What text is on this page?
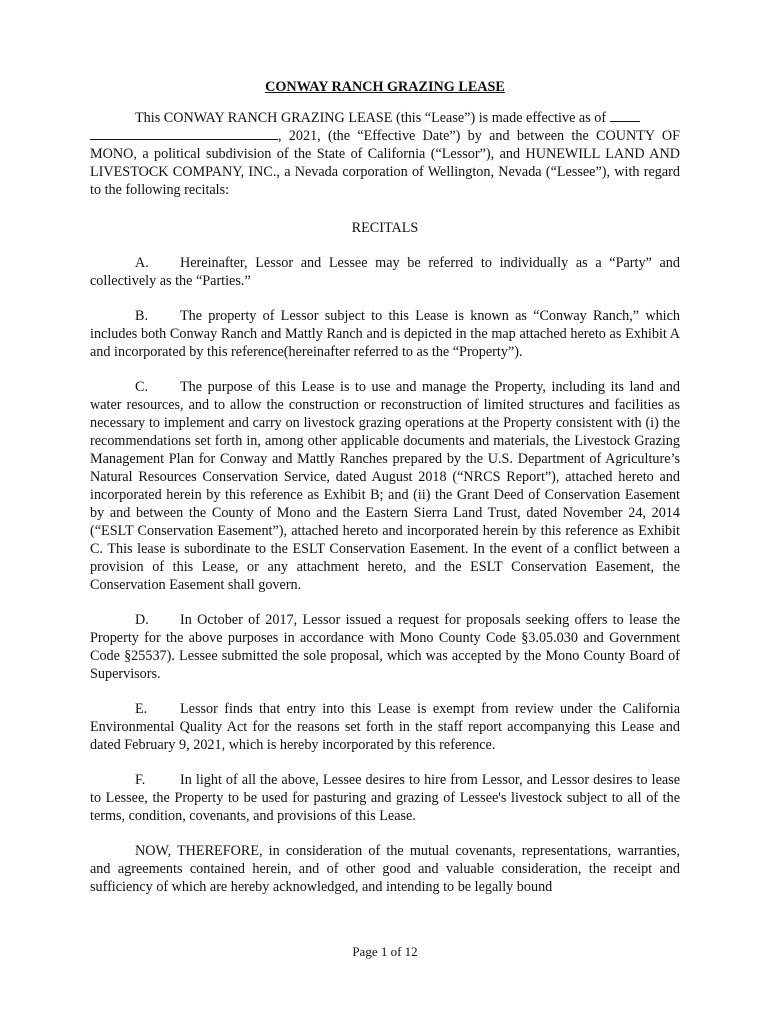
CONWAY RANCH GRAZING LEASE

This CONWAY RANCH GRAZING LEASE (this “Lease”) is made effective as of
, 2021, (the “Effective Date”) by and between the COUNTY OF MONO, a political subdivision of the State of California (“Lessor”), and HUNEWILL LAND AND LIVESTOCK COMPANY, INC., a Nevada corporation of Wellington, Nevada (“Lessee”), with regard to the following recitals:

RECITALS

A. Hereinafter, Lessor and Lessee may be referred to individually as a “Party” and collectively as the “Parties.”

B. The property of Lessor subject to this Lease is known as “Conway Ranch,” which includes both Conway Ranch and Mattly Ranch and is depicted in the map attached hereto as Exhibit A and incorporated by this reference(hereinafter referred to as the “Property”).

C. The purpose of this Lease is to use and manage the Property, including its land and water resources, and to allow the construction or reconstruction of limited structures and facilities as necessary to implement and carry on livestock grazing operations at the Property consistent with (i) the recommendations set forth in, among other applicable documents and materials, the Livestock Grazing Management Plan for Conway and Mattly Ranches prepared by the U.S. Department of Agriculture’s Natural Resources Conservation Service, dated August 2018 (“NRCS Report”), attached hereto and incorporated herein by this reference as Exhibit B; and (ii) the Grant Deed of Conservation Easement by and between the County of Mono and the Eastern Sierra Land Trust, dated November 24, 2014 (“ESLT Conservation Easement”), attached hereto and incorporated herein by this reference as Exhibit C. This lease is subordinate to the ESLT Conservation Easement. In the event of a conflict between a provision of this Lease, or any attachment hereto, and the ESLT Conservation Easement, the Conservation Easement shall govern.

D. In October of 2017, Lessor issued a request for proposals seeking offers to lease the Property for the above purposes in accordance with Mono County Code §3.05.030 and Government Code §25537). Lessee submitted the sole proposal, which was accepted by the Mono County Board of Supervisors.

E. Lessor finds that entry into this Lease is exempt from review under the California Environmental Quality Act for the reasons set forth in the staff report accompanying this Lease and dated February 9, 2021, which is hereby incorporated by this reference.

F. In light of all the above, Lessee desires to hire from Lessor, and Lessor desires to lease to Lessee, the Property to be used for pasturing and grazing of Lessee's livestock subject to all of the terms, condition, covenants, and provisions of this Lease.

NOW, THEREFORE, in consideration of the mutual covenants, representations, warranties, and agreements contained herein, and of other good and valuable consideration, the receipt and sufficiency of which are hereby acknowledged, and intending to be legally bound

Page 1 of 12
